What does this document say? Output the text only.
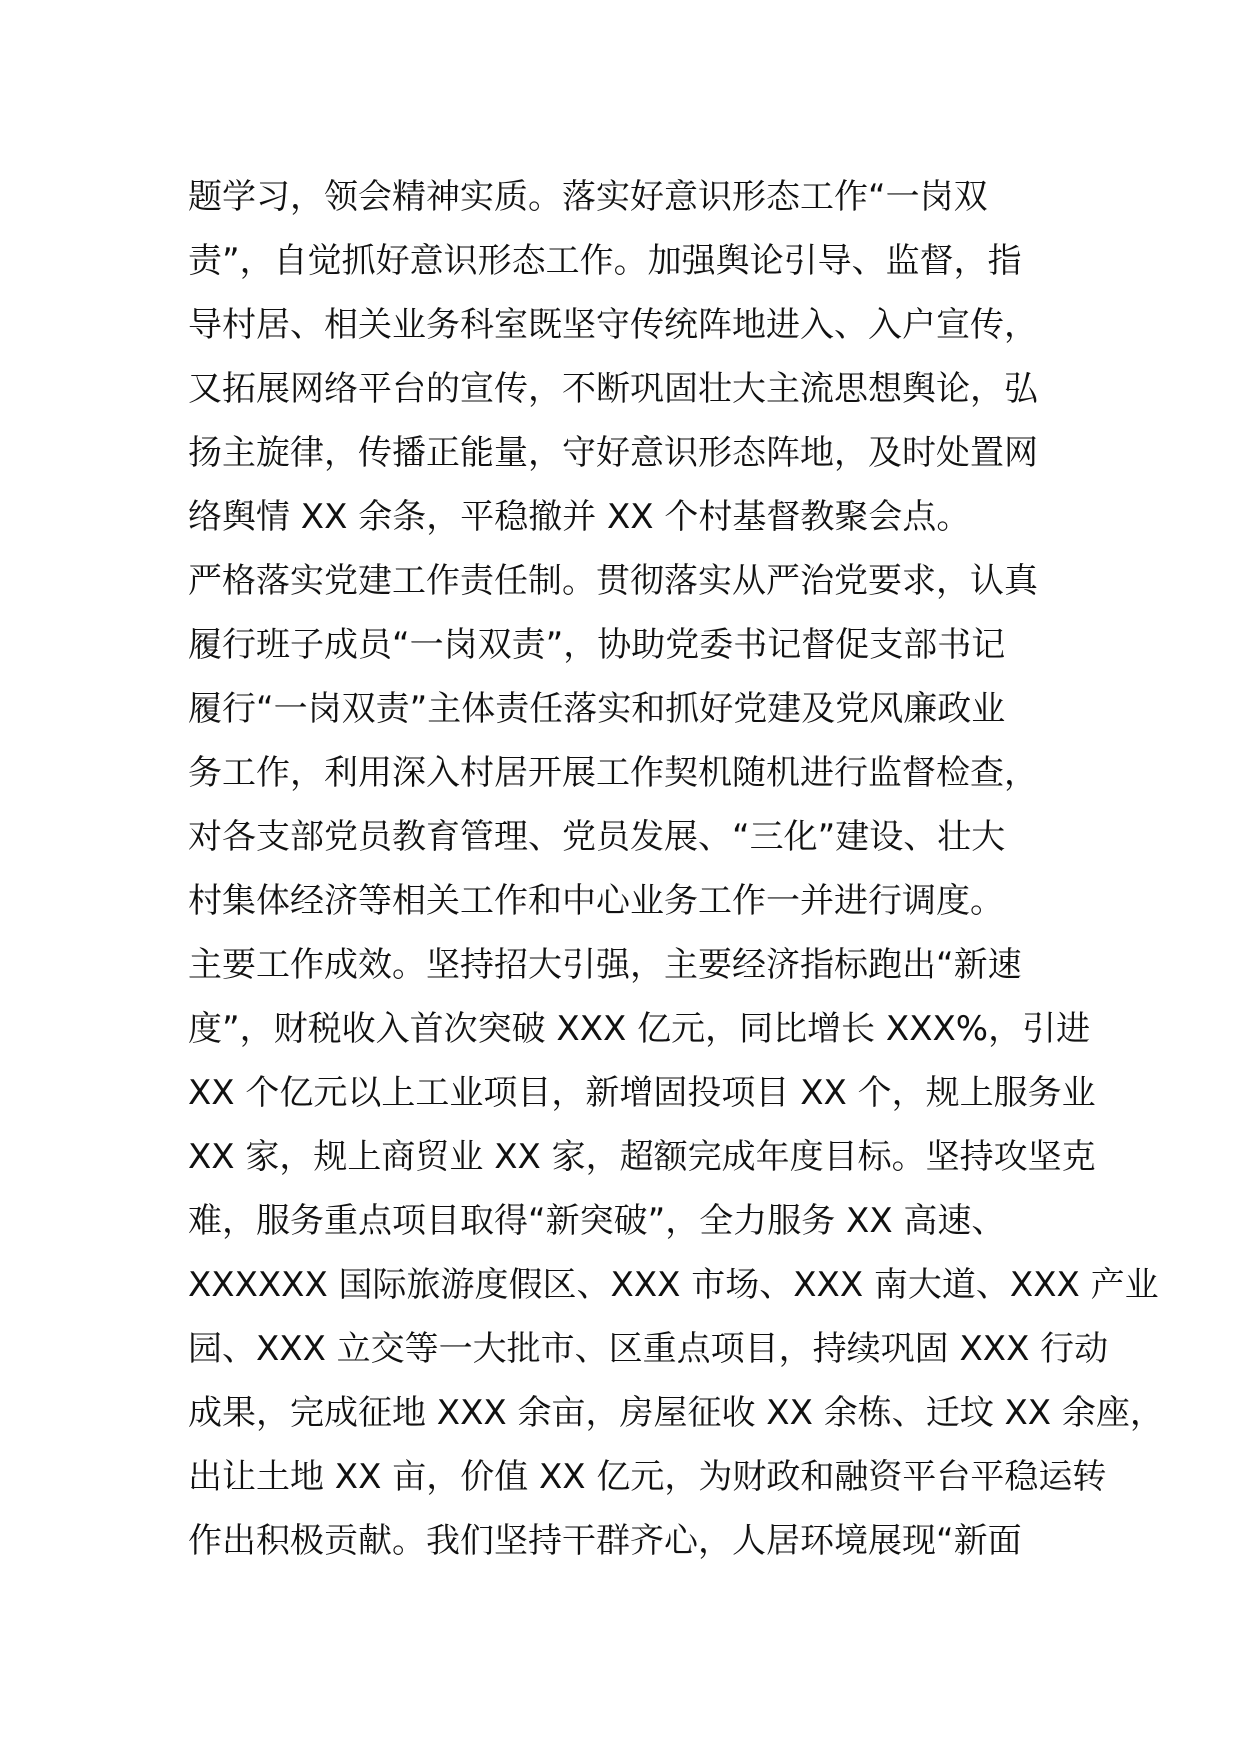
题学习，领会精神实质。落实好意识形态工作“一岗双
责”，自觉抓好意识形态工作。加强舆论引导、监督，指
导村居、相关业务科室既坚守传统阵地进入、入户宣传，
又拓展网络平台的宣传，不断巩固壮大主流思想舆论，弘
扬主旋律，传播正能量，守好意识形态阵地，及时处置网
络舆情 XX 余条，平稳撤并 XX 个村基督教聚会点。
严格落实党建工作责任制。贯彻落实从严治党要求，认真
履行班子成员“一岗双责”，协助党委书记督促支部书记
履行“一岗双责”主体责任落实和抓好党建及党风廉政业
务工作，利用深入村居开展工作契机随机进行监督检查，
对各支部党员教育管理、党员发展、“三化”建设、壮大
村集体经济等相关工作和中心业务工作一并进行调度。
主要工作成效。坚持招大引强，主要经济指标跑出“新速
度”，财税收入首次突破 XXX 亿元，同比增长 XXX%，引进
XX 个亿元以上工业项目，新增固投项目 XX 个，规上服务业
XX 家，规上商贸业 XX 家，超额完成年度目标。坚持攻坚克
难，服务重点项目取得“新突破”，全力服务 XX 高速、
XXXXXX 国际旅游度假区、XXX 市场、XXX 南大道、XXX 产业
园、XXX 立交等一大批市、区重点项目，持续巩固 XXX 行动
成果，完成征地 XXX 余亩，房屋征收 XX 余栋、迁坟 XX 余座，
出让土地 XX 亩，价值 XX 亿元，为财政和融资平台平稳运转
作出积极贡献。我们坚持干群齐心，人居环境展现“新面
